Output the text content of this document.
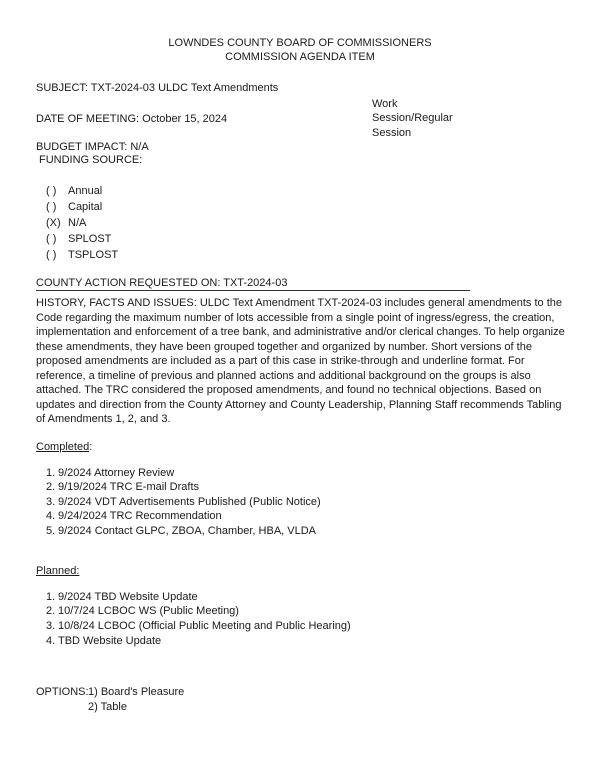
LOWNDES COUNTY BOARD OF COMMISSIONERS
COMMISSION AGENDA ITEM
SUBJECT: TXT-2024-03 ULDC Text Amendments
DATE OF MEETING: October 15, 2024
Work
Session/Regular
Session
BUDGET IMPACT: N/A
FUNDING SOURCE:
( ) Annual
( ) Capital
(X) N/A
( ) SPLOST
( ) TSPLOST
COUNTY ACTION REQUESTED ON: TXT-2024-03
HISTORY, FACTS AND ISSUES: ULDC Text Amendment TXT-2024-03 includes general amendments to the Code regarding the maximum number of lots accessible from a single point of ingress/egress, the creation, implementation and enforcement of a tree bank, and administrative and/or clerical changes. To help organize these amendments, they have been grouped together and organized by number. Short versions of the proposed amendments are included as a part of this case in strike-through and underline format. For reference, a timeline of previous and planned actions and additional background on the groups is also attached. The TRC considered the proposed amendments, and found no technical objections. Based on updates and direction from the County Attorney and County Leadership, Planning Staff recommends Tabling of Amendments 1, 2, and 3.
Completed:
1. 9/2024 Attorney Review
2. 9/19/2024 TRC E-mail Drafts
3. 9/2024 VDT Advertisements Published (Public Notice)
4. 9/24/2024 TRC Recommendation
5. 9/2024 Contact GLPC, ZBOA, Chamber, HBA, VLDA
Planned:
1. 9/2024 TBD Website Update
2. 10/7/24 LCBOC WS (Public Meeting)
3. 10/8/24 LCBOC (Official Public Meeting and Public Hearing)
4. TBD Website Update
OPTIONS: 1) Board's Pleasure
2) Table
